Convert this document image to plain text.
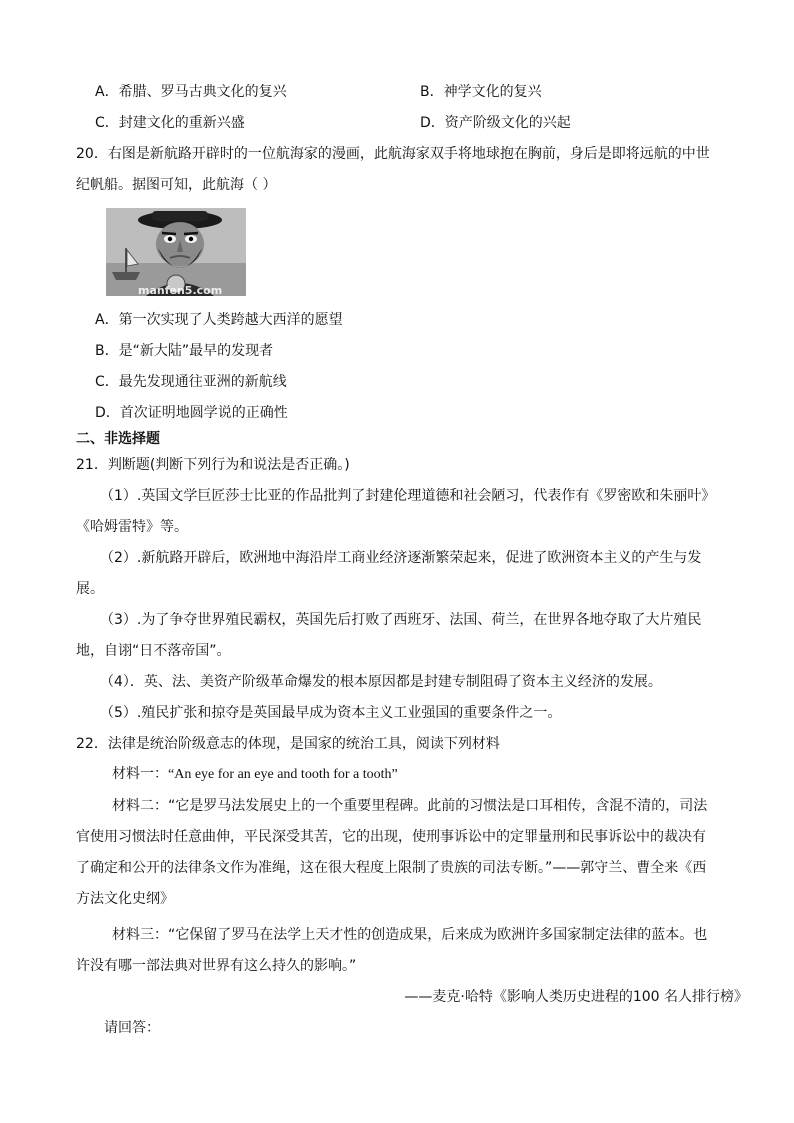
A．希腊、罗马古典文化的复兴	B．神学文化的复兴
C．封建文化的重新兴盛	D．资产阶级文化的兴起
20．右图是新航路开辟时的一位航海家的漫画，此航海家双手将地球抱在胸前，身后是即将远航的中世
纪帆船。据图可知，此航海（ ）
manfen5.com
A．第一次实现了人类跨越大西洋的愿望
B．是“新大陆”最早的发现者
C．最先发现通往亚洲的新航线
D．首次证明地圆学说的正确性
二、非选择题
21．判断题(判断下列行为和说法是否正确。)
（1）.英国文学巨匠莎士比亚的作品批判了封建伦理道德和社会陋习，代表作有《罗密欧和朱丽叶》
《哈姆雷特》等。
（2）.新航路开辟后，欧洲地中海沿岸工商业经济逐渐繁荣起来，促进了欧洲资本主义的产生与发
展。
（3）.为了争夺世界殖民霸权，英国先后打败了西班牙、法国、荷兰，在世界各地夺取了大片殖民
地，自诩“日不落帝国”。
（4）．英、法、美资产阶级革命爆发的根本原因都是封建专制阻碍了资本主义经济的发展。
（5）.殖民扩张和掠夺是英国最早成为资本主义工业强国的重要条件之一。
22．法律是统治阶级意志的体现，是国家的统治工具，阅读下列材料
材料一：“An eye for an eye and tooth for a tooth”
材料二：“它是罗马法发展史上的一个重要里程碑。此前的习惯法是口耳相传，含混不清的，司法
官使用习惯法时任意曲伸，平民深受其苦，它的出现，使刑事诉讼中的定罪量刑和民事诉讼中的裁决有
了确定和公开的法律条文作为准绳，这在很大程度上限制了贵族的司法专断。”——郭守兰、曹全来《西
方法文化史纲》
材料三：“它保留了罗马在法学上天才性的创造成果，后来成为欧洲许多国家制定法律的蓝本。也
许没有哪一部法典对世界有这么持久的影响。”
——麦克·哈特《影响人类历史进程的100 名人排行榜》
请回答：
